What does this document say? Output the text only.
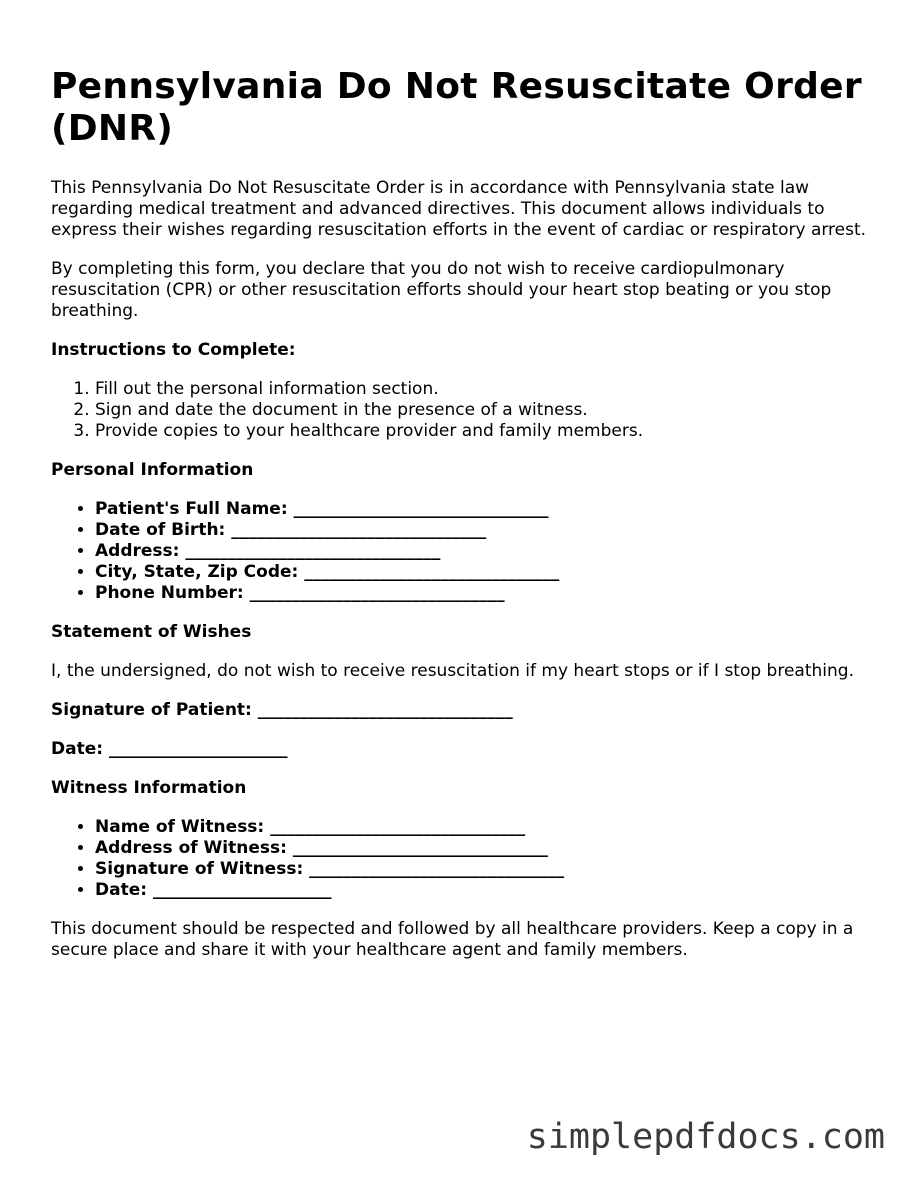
Pennsylvania Do Not Resuscitate Order (DNR)

This Pennsylvania Do Not Resuscitate Order is in accordance with Pennsylvania state law regarding medical treatment and advanced directives. This document allows individuals to express their wishes regarding resuscitation efforts in the event of cardiac or respiratory arrest.

By completing this form, you declare that you do not wish to receive cardiopulmonary resuscitation (CPR) or other resuscitation efforts should your heart stop beating or you stop breathing.

Instructions to Complete:
1. Fill out the personal information section.
2. Sign and date the document in the presence of a witness.
3. Provide copies to your healthcare provider and family members.
Personal Information
• Patient's Full Name: ______________________________
• Date of Birth: ______________________________
• Address: ______________________________
• City, State, Zip Code: ______________________________
• Phone Number: ______________________________
Statement of Wishes

I, the undersigned, do not wish to receive resuscitation if my heart stops or if I stop breathing.

Signature of Patient: ______________________________
Date: _____________________
Witness Information
• Name of Witness: ______________________________
• Address of Witness: ______________________________
• Signature of Witness: ______________________________
• Date: _____________________

This document should be respected and followed by all healthcare providers. Keep a copy in a secure place and share it with your healthcare agent and family members.

simplepdfdocs.com
